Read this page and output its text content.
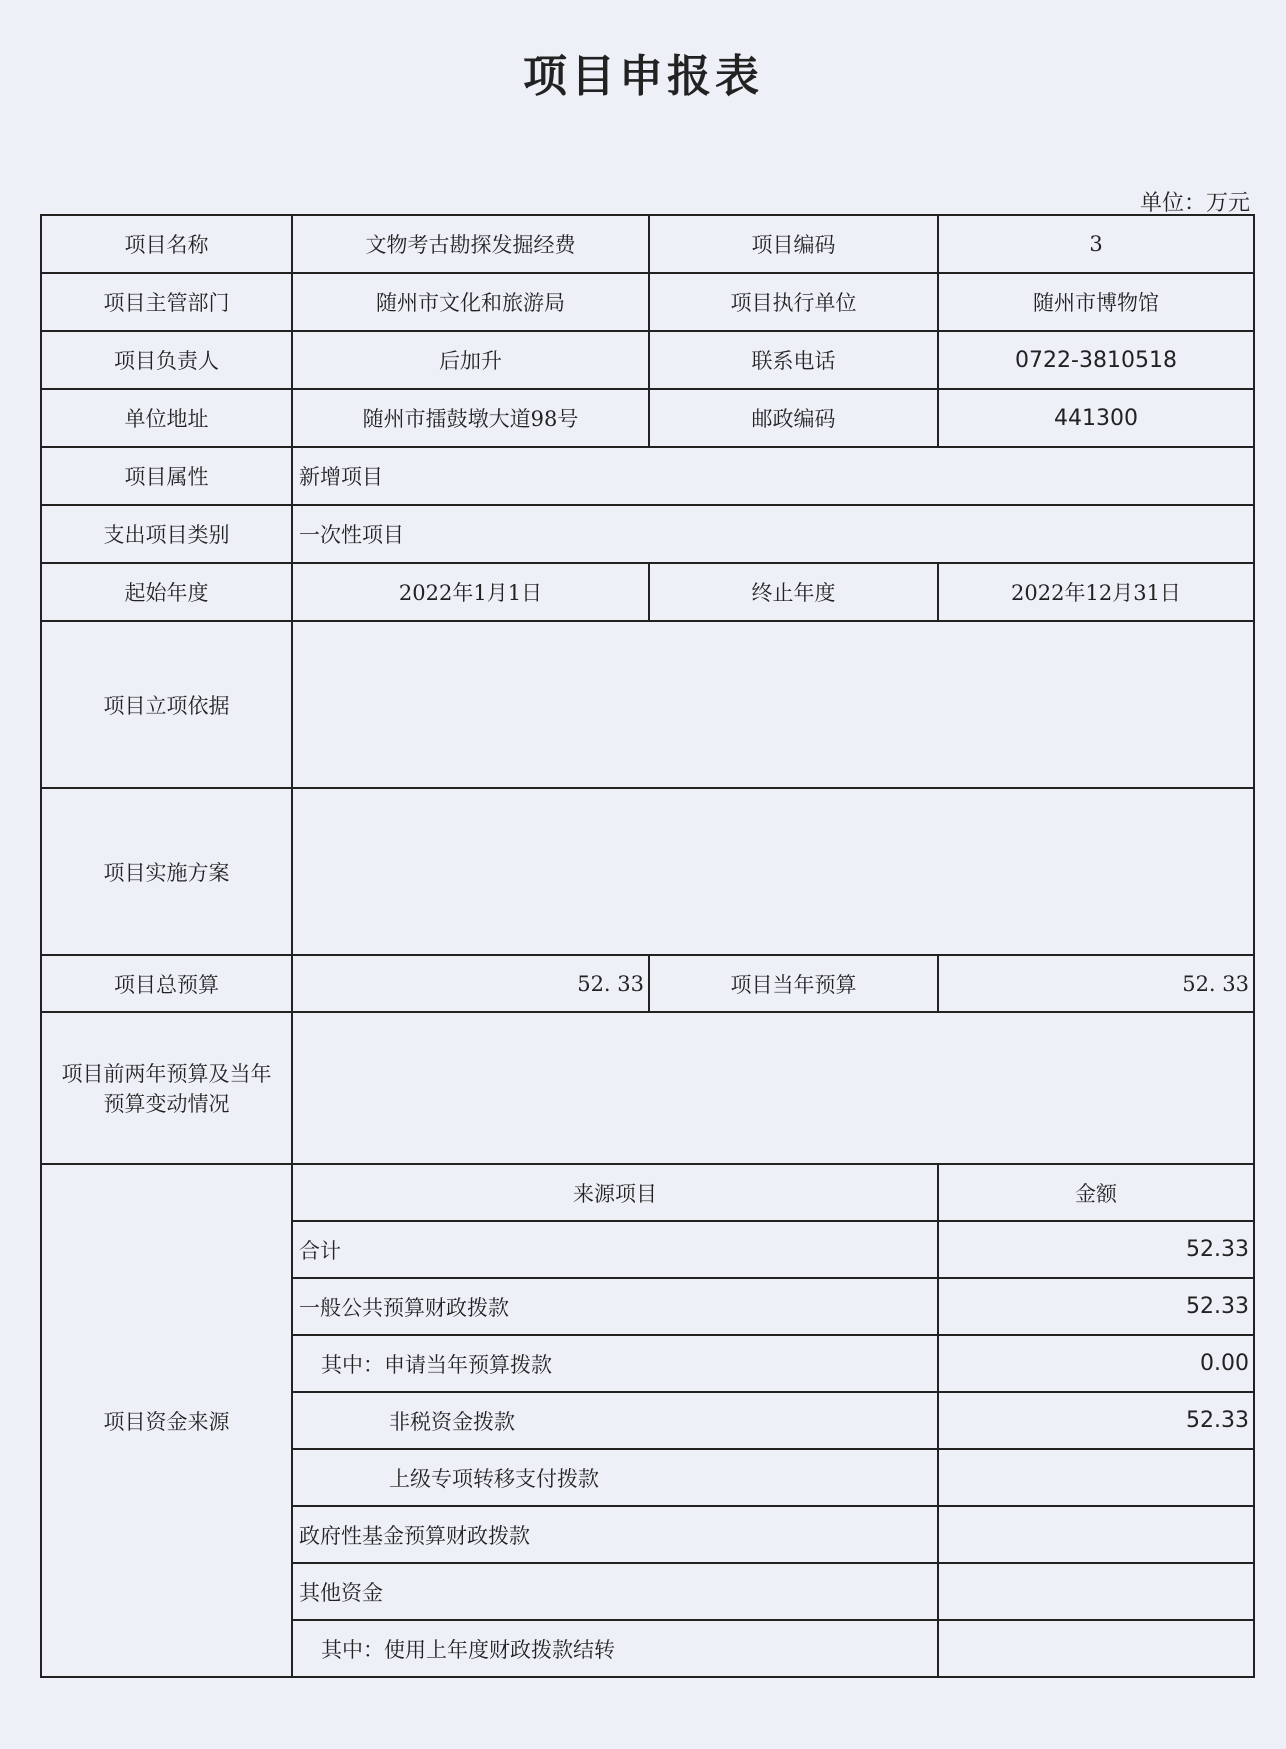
项目申报表
单位：万元
项目名称	文物考古勘探发掘经费	项目编码	3
项目主管部门	随州市文化和旅游局	项目执行单位	随州市博物馆
项目负责人	后加升	联系电话	0722-3810518
单位地址	随州市擂鼓墩大道98号	邮政编码	441300
项目属性	新增项目		
支出项目类别	一次性项目		
起始年度	2022年1月1日	终止年度	2022年12月31日
项目立项依据			
项目实施方案			
项目总预算	52. 33	项目当年预算	52. 33

项目前两年预算及当年
预算变动情况			

项目资金来源	来源项目		金额
	合计		52.33
	一般公共预算财政拨款		52.33
	其中：申请当年预算拨款		0.00
	非税资金拨款		52.33
	上级专项转移支付拨款		
	政府性基金预算财政拨款		
	其他资金		
	其中：使用上年度财政拨款结转		
